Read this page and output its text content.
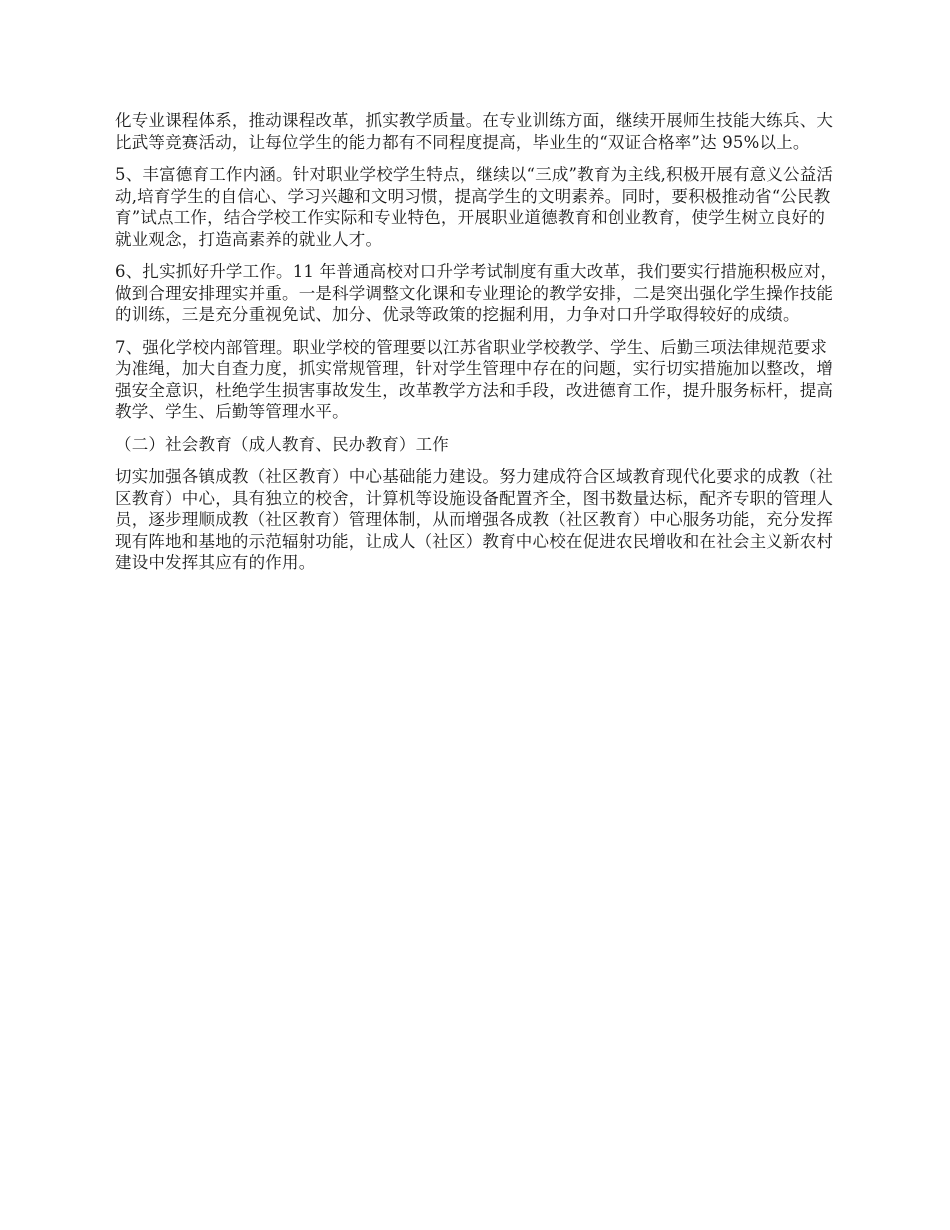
化专业课程体系，推动课程改革，抓实教学质量。在专业训练方面，继续开展师生技能大练兵、大比武等竞赛活动，让每位学生的能力都有不同程度提高，毕业生的“双证合格率”达 95%以上。

5、丰富德育工作内涵。针对职业学校学生特点，继续以“三成”教育为主线,积极开展有意义公益活动,培育学生的自信心、学习兴趣和文明习惯，提高学生的文明素养。同时，要积极推动省“公民教育”试点工作，结合学校工作实际和专业特色，开展职业道德教育和创业教育，使学生树立良好的就业观念，打造高素养的就业人才。

6、扎实抓好升学工作。11 年普通高校对口升学考试制度有重大改革，我们要实行措施积极应对，做到合理安排理实并重。一是科学调整文化课和专业理论的教学安排，二是突出强化学生操作技能的训练，三是充分重视免试、加分、优录等政策的挖掘利用，力争对口升学取得较好的成绩。

7、强化学校内部管理。职业学校的管理要以江苏省职业学校教学、学生、后勤三项法律规范要求为准绳，加大自查力度，抓实常规管理，针对学生管理中存在的问题，实行切实措施加以整改，增强安全意识，杜绝学生损害事故发生，改革教学方法和手段，改进德育工作，提升服务标杆，提高教学、学生、后勤等管理水平。

（二）社会教育（成人教育、民办教育）工作

切实加强各镇成教（社区教育）中心基础能力建设。努力建成符合区域教育现代化要求的成教（社区教育）中心，具有独立的校舍，计算机等设施设备配置齐全，图书数量达标，配齐专职的管理人员，逐步理顺成教（社区教育）管理体制，从而增强各成教（社区教育）中心服务功能，充分发挥现有阵地和基地的示范辐射功能，让成人（社区）教育中心校在促进农民增收和在社会主义新农村建设中发挥其应有的作用。
